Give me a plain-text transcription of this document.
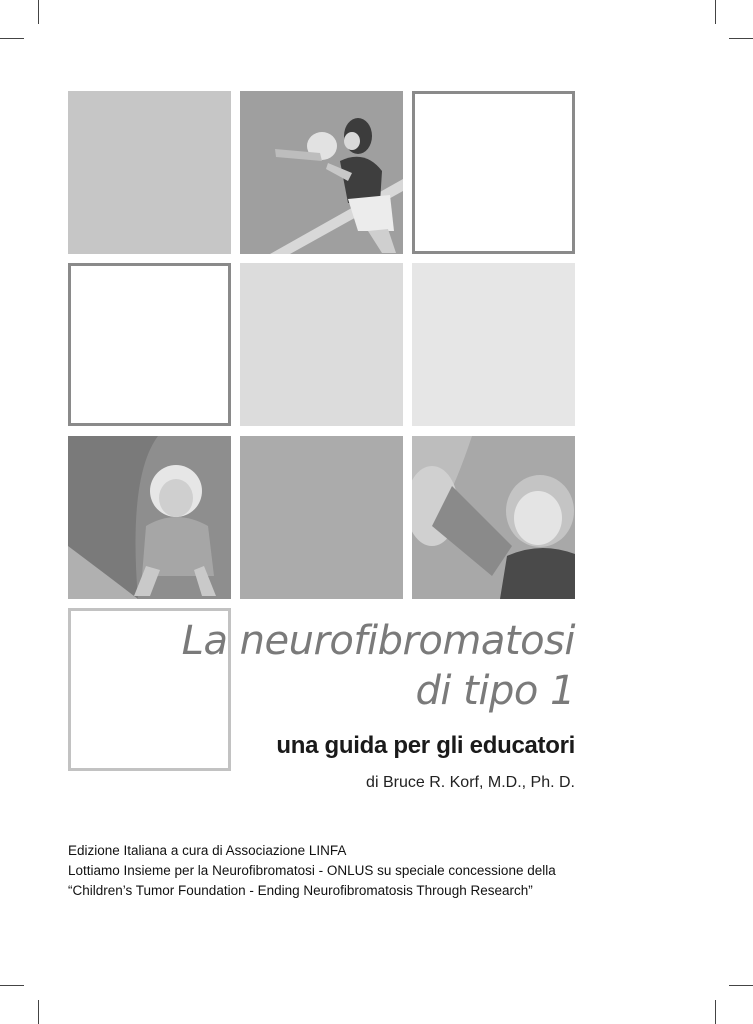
La neurofibromatosi
di tipo 1
una guida per gli educatori
di Bruce R. Korf, M.D., Ph. D.
Edizione Italiana a cura di Associazione LINFA
Lottiamo Insieme per la Neurofibromatosi - ONLUS su speciale concessione della
“Children’s Tumor Foundation - Ending Neurofibromatosis Through Research”
